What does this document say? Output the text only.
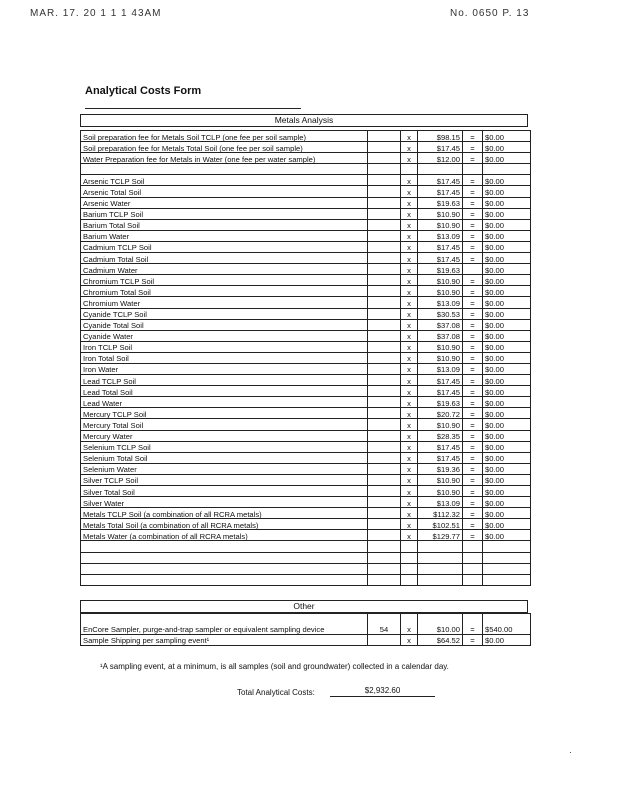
MAR. 17. 20 1 1 1 43AM	No. 0650 P. 13
Analytical Costs Form
Metals Analysis
Soil preparation fee for Metals Soil TCLP (one fee per soil sample)		x	$98.15	=	$0.00
Soil preparation fee for Metals Total Soil (one fee per soil sample)		x	$17.45	=	$0.00
Water Preparation fee for Metals in Water (one fee per water sample)		x	$12.00	=	$0.00

Arsenic TCLP Soil		x	$17.45	=	$0.00
Arsenic Total Soil		x	$17.45	=	$0.00
Arsenic Water		x	$19.63	=	$0.00
Barium TCLP Soil		x	$10.90	=	$0.00
Barium Total Soil		x	$10.90	=	$0.00
Barium Water		x	$13.09	=	$0.00
Cadmium TCLP Soil		x	$17.45	=	$0.00
Cadmium Total Soil		x	$17.45	=	$0.00
Cadmium Water		x	$19.63		$0.00
Chromium TCLP Soil		x	$10.90	=	$0.00
Chromium Total Soil		x	$10.90	=	$0.00
Chromium Water		x	$13.09	=	$0.00
Cyanide TCLP Soil		x	$30.53	=	$0.00
Cyanide Total Soil		x	$37.08	=	$0.00
Cyanide Water		x	$37.08	=	$0.00
Iron TCLP Soil		x	$10.90	=	$0.00
Iron Total Soil		x	$10.90	=	$0.00
Iron Water		x	$13.09	=	$0.00
Lead TCLP Soil		x	$17.45	=	$0.00
Lead Total Soil		x	$17.45	=	$0.00
Lead Water		x	$19.63	=	$0.00
Mercury TCLP Soil		x	$20.72	=	$0.00
Mercury Total Soil		x	$10.90	=	$0.00
Mercury Water		x	$28.35	=	$0.00
Selenium TCLP Soil		x	$17.45	=	$0.00
Selenium Total Soil		x	$17.45	=	$0.00
Selenium Water		x	$19.36	=	$0.00
Silver TCLP Soil		x	$10.90	=	$0.00
Silver Total Soil		x	$10.90	=	$0.00
Silver Water		x	$13.09	=	$0.00
Metals TCLP Soil (a combination of all RCRA metals)		x	$112.32	=	$0.00
Metals Total Soil (a combination of all RCRA metals)		x	$102.51	=	$0.00
Metals Water (a combination of all RCRA metals)		x	$129.77	=	$0.00

Other
EnCore Sampler, purge-and-trap sampler or equivalent sampling device	54	x	$10.00	=	$540.00
Sample Shipping per sampling event¹		x	$64.52	=	$0.00
¹A sampling event, at a minimum, is all samples (soil and groundwater) collected in a calendar day.
Total Analytical Costs:	$2,932.60
